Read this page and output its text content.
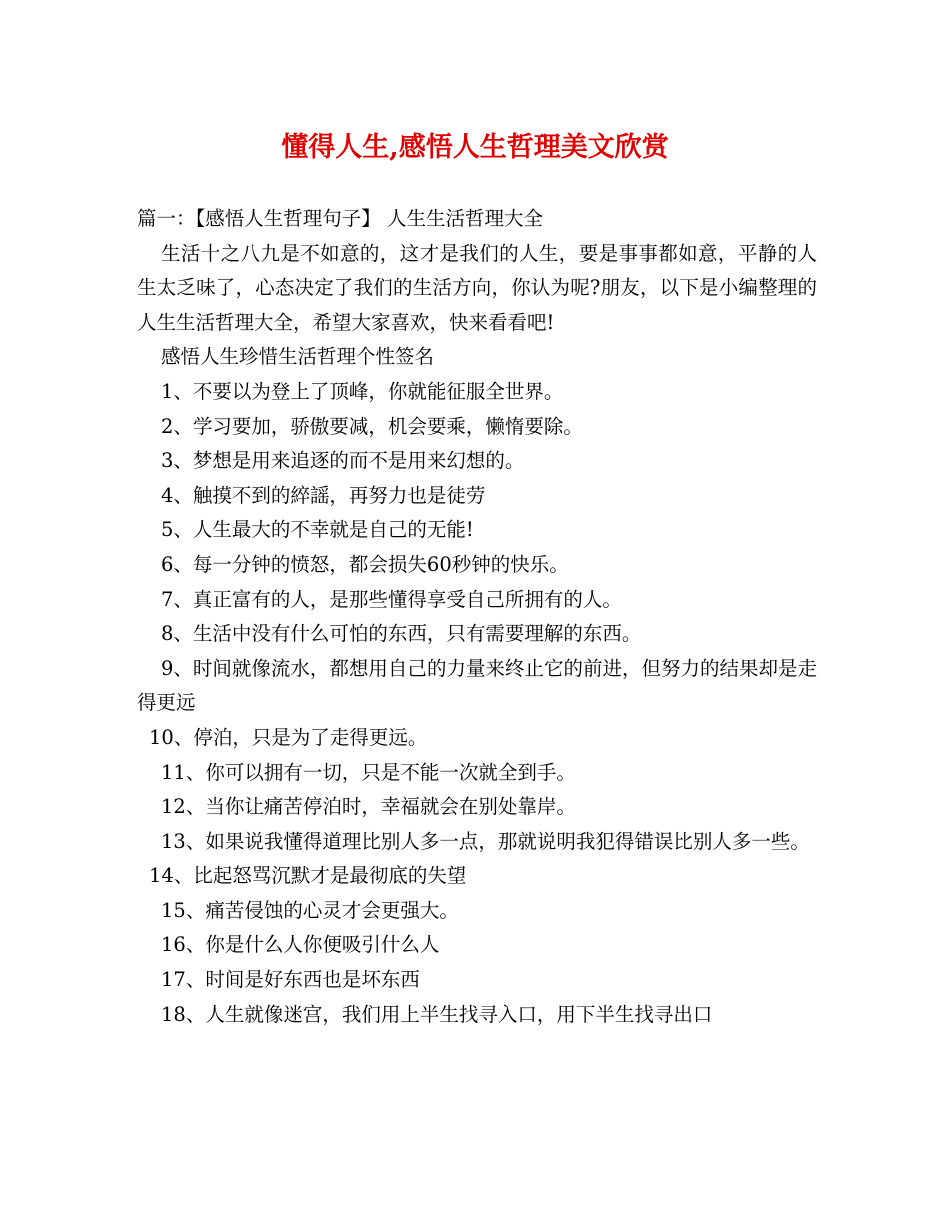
懂得人生,感悟人生哲理美文欣赏
篇一：【感悟人生哲理句子】 人生生活哲理大全
生活十之八九是不如意的，这才是我们的人生，要是事事都如意，平静的人生太乏味了，心态决定了我们的生活方向，你认为呢?朋友，以下是小编整理的人生生活哲理大全，希望大家喜欢，快来看看吧!
感悟人生珍惜生活哲理个性签名
1、不要以为登上了顶峰，你就能征服全世界。
2、学习要加，骄傲要减，机会要乘，懒惰要除。
3、梦想是用来追逐的而不是用来幻想的。
4、触摸不到的綷謡，再努力也是徒劳
5、人生最大的不幸就是自己的无能!
6、每一分钟的愤怒，都会损失60秒钟的快乐。
7、真正富有的人，是那些懂得享受自己所拥有的人。
8、生活中没有什么可怕的东西，只有需要理解的东西。
9、时间就像流水，都想用自己的力量来终止它的前进，但努力的结果却是走得更远
10、停泊，只是为了走得更远。
11、你可以拥有一切，只是不能一次就全到手。
12、当你让痛苦停泊时，幸福就会在别处靠岸。
13、如果说我懂得道理比别人多一点，那就说明我犯得错误比别人多一些。
14、比起怒骂沉默才是最彻底的失望
15、痛苦侵蚀的心灵才会更强大。
16、你是什么人你便吸引什么人
17、时间是好东西也是坏东西
18、人生就像迷宫，我们用上半生找寻入口，用下半生找寻出口
